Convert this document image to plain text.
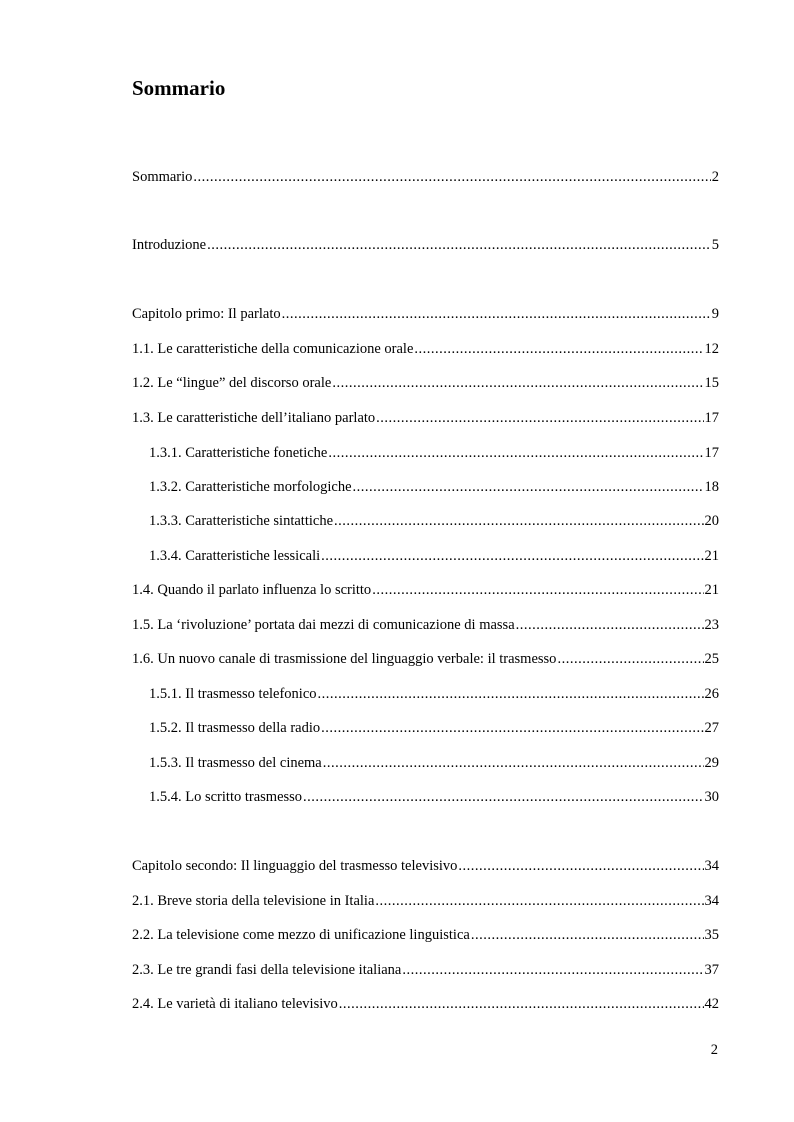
Sommario
Sommario .....	2
Introduzione .....	5
Capitolo primo: Il parlato .....	9
1.1. Le caratteristiche della comunicazione orale .....	12
1.2. Le “lingue” del discorso orale .....	15
1.3. Le caratteristiche dell’italiano parlato .....	17
1.3.1. Caratteristiche fonetiche .....	17
1.3.2. Caratteristiche morfologiche .....	18
1.3.3. Caratteristiche sintattiche .....	20
1.3.4. Caratteristiche lessicali .....	21
1.4. Quando il parlato influenza lo scritto .....	21
1.5. La ‘rivoluzione’ portata dai mezzi di comunicazione di massa .....	23
1.6. Un nuovo canale di trasmissione del linguaggio verbale: il trasmesso .....	25
1.5.1. Il trasmesso telefonico .....	26
1.5.2. Il trasmesso della radio .....	27
1.5.3. Il trasmesso del cinema .....	29
1.5.4. Lo scritto trasmesso .....	30
Capitolo secondo: Il linguaggio del trasmesso televisivo .....	34
2.1. Breve storia della televisione in Italia .....	34
2.2. La televisione come mezzo di unificazione linguistica .....	35
2.3. Le tre grandi fasi della televisione italiana .....	37
2.4. Le varietà di italiano televisivo .....	42
2
